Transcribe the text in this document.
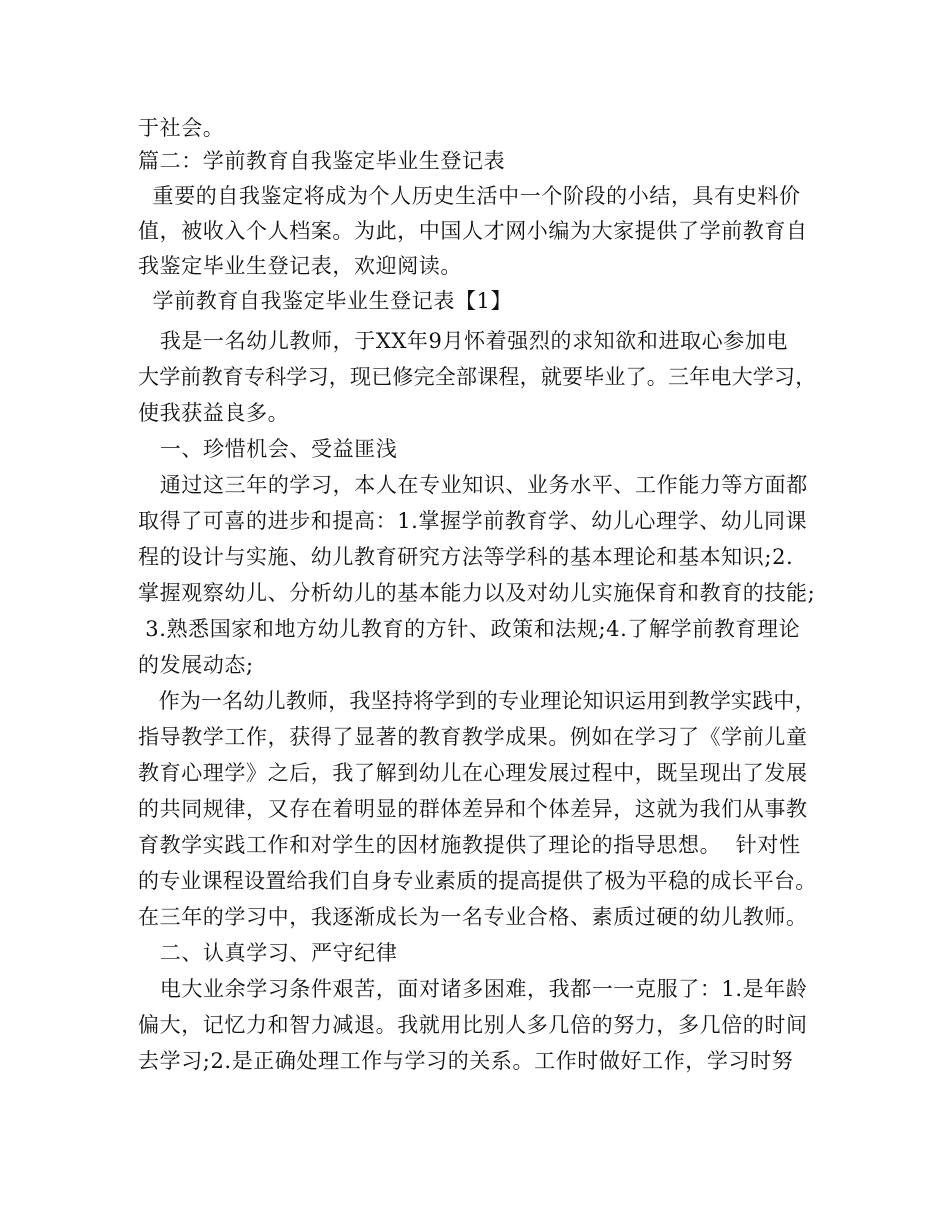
于社会。
篇二：学前教育自我鉴定毕业生登记表
重要的自我鉴定将成为个人历史生活中一个阶段的小结，具有史料价
值，被收入个人档案。为此，中国人才网小编为大家提供了学前教育自
我鉴定毕业生登记表，欢迎阅读。
学前教育自我鉴定毕业生登记表【1】
我是一名幼儿教师，于XX年9月怀着强烈的求知欲和进取心参加电
大学前教育专科学习，现已修完全部课程，就要毕业了。三年电大学习，
使我获益良多。
一、珍惜机会、受益匪浅
通过这三年的学习，本人在专业知识、业务水平、工作能力等方面都
取得了可喜的进步和提高：1.掌握学前教育学、幼儿心理学、幼儿同课
程的设计与实施、幼儿教育研究方法等学科的基本理论和基本知识;2.
掌握观察幼儿、分析幼儿的基本能力以及对幼儿实施保育和教育的技能;
3.熟悉国家和地方幼儿教育的方针、政策和法规;4.了解学前教育理论
的发展动态;
作为一名幼儿教师，我坚持将学到的专业理论知识运用到教学实践中，
指导教学工作，获得了显著的教育教学成果。例如在学习了《学前儿童
教育心理学》之后，我了解到幼儿在心理发展过程中，既呈现出了发展
的共同规律，又存在着明显的群体差异和个体差异，这就为我们从事教
育教学实践工作和对学生的因材施教提供了理论的指导思想。  针对性
的专业课程设置给我们自身专业素质的提高提供了极为平稳的成长平台。
在三年的学习中，我逐渐成长为一名专业合格、素质过硬的幼儿教师。
二、认真学习、严守纪律
电大业余学习条件艰苦，面对诸多困难，我都一一克服了：1.是年龄
偏大，记忆力和智力减退。我就用比别人多几倍的努力，多几倍的时间
去学习;2.是正确处理工作与学习的关系。工作时做好工作，学习时努
